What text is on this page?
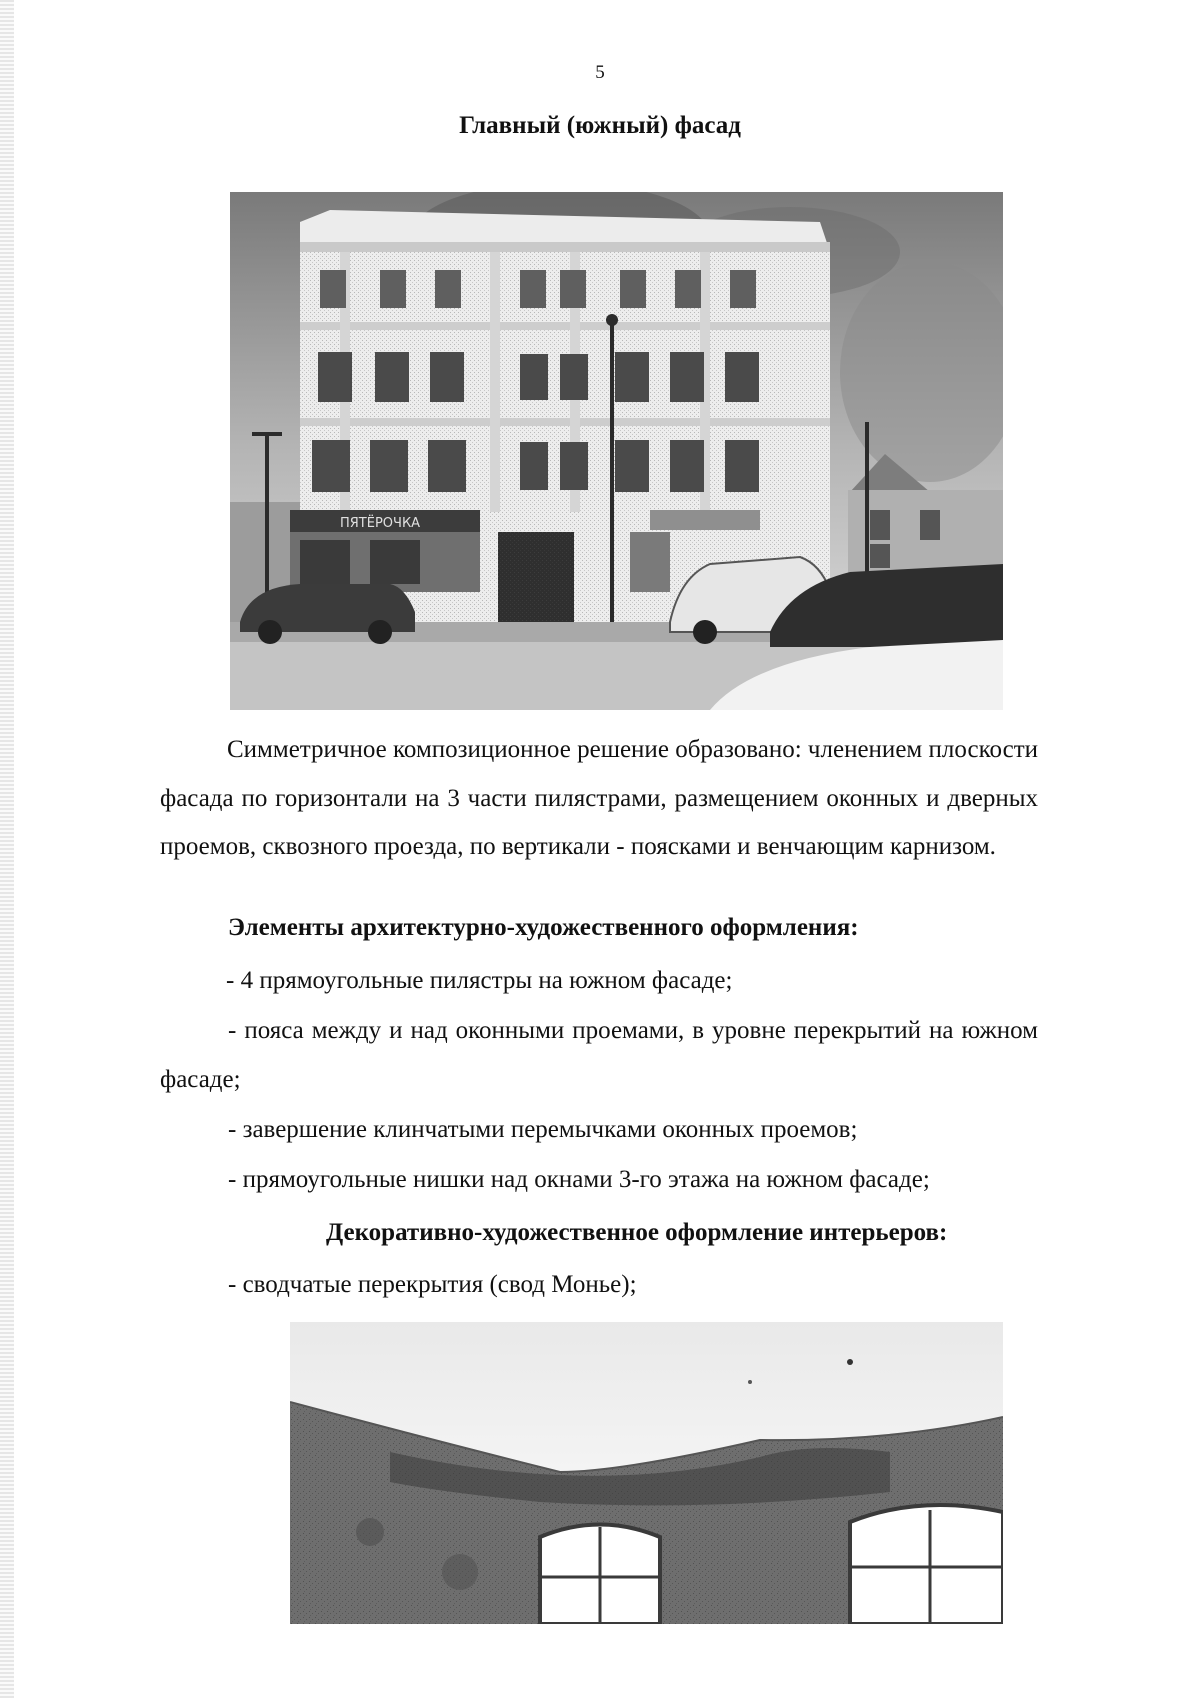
5
Главный (южный) фасад
ПЯТЁРОЧКА
Симметричное композиционное решение образовано: членением плоскости фасада по горизонтали на 3 части пилястрами, размещением оконных и дверных проемов, сквозного проезда, по вертикали - поясками и венчающим карнизом.
Элементы архитектурно-художественного оформления:
- 4 прямоугольные пилястры на южном фасаде;
- пояса между и над оконными проемами, в уровне перекрытий на южном
фасаде;
- завершение клинчатыми перемычками оконных проемов;
- прямоугольные нишки над окнами 3-го этажа на южном фасаде;
Декоративно-художественное оформление интерьеров:
- сводчатые перекрытия (свод Монье);
